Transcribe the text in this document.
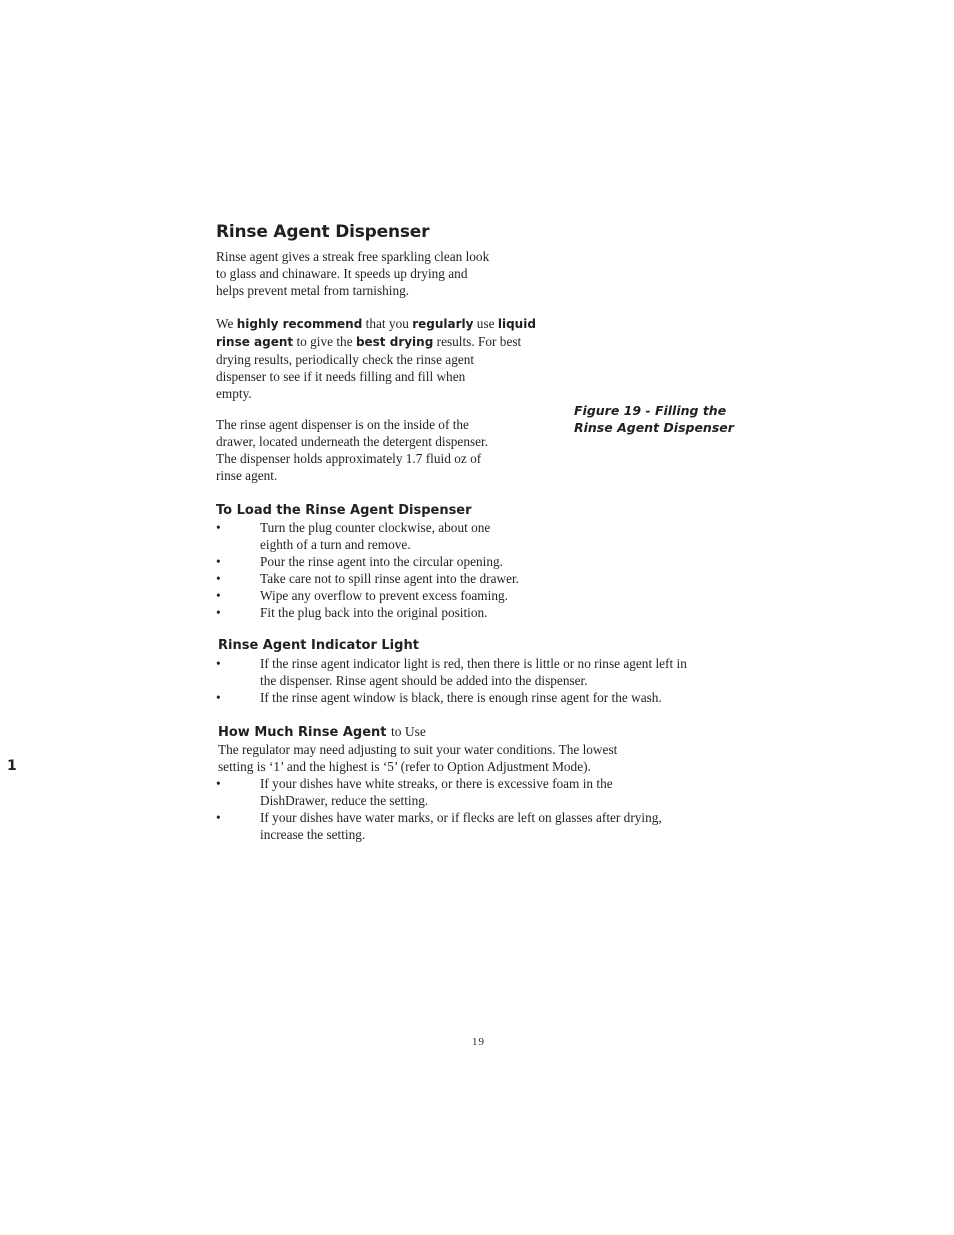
Rinse Agent Dispenser

Rinse agent gives a streak free sparkling clean look
to glass and chinaware. It speeds up drying and
helps prevent metal from tarnishing.

We highly recommend that you regularly use liquid
rinse agent to give the best drying results. For best
drying results, periodically check the rinse agent
dispenser to see if it needs filling and fill when
empty.

The rinse agent dispenser is on the inside of the
drawer, located underneath the detergent dispenser.
The dispenser holds approximately 1.7 fluid oz of
rinse agent.

Figure 19 - Filling the
Rinse Agent Dispenser

To Load the Rinse Agent Dispenser
•	Turn the plug counter clockwise, about one
eighth of a turn and remove.
•	Pour the rinse agent into the circular opening.
•	Take care not to spill rinse agent into the drawer.
•	Wipe any overflow to prevent excess foaming.
•	Fit the plug back into the original position.
Rinse Agent Indicator Light
•	If the rinse agent indicator light is red, then there is little or no rinse agent left in
the dispenser. Rinse agent should be added into the dispenser.
•	If the rinse agent window is black, there is enough rinse agent for the wash.
How Much Rinse Agent to Use

The regulator may need adjusting to suit your water conditions. The lowest
setting is ‘1’ and the highest is ‘5’ (refer to Option Adjustment Mode).

•	If your dishes have white streaks, or there is excessive foam in the
DishDrawer, reduce the setting.
•	If your dishes have water marks, or if flecks are left on glasses after drying,
increase the setting.
1
19
